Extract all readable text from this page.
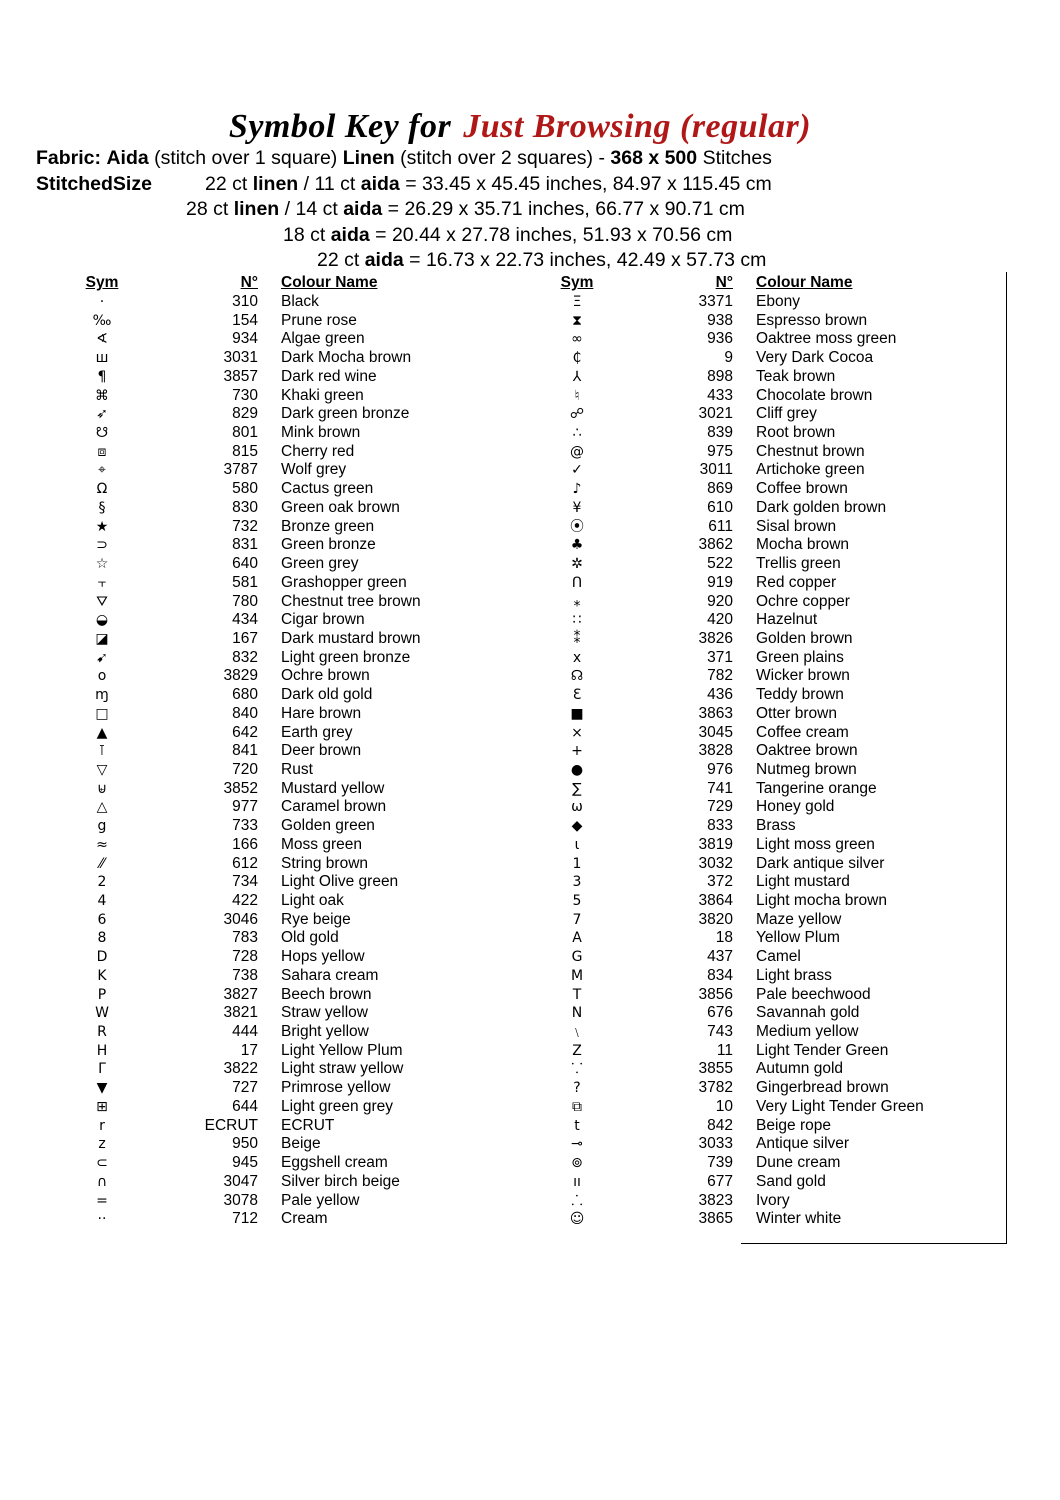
Symbol Key for Just Browsing (regular)
Fabric: Aida (stitch over 1 square) Linen (stitch over 2 squares) - 368 x 500 Stitches
StitchedSize	22 ct linen / 11 ct aida = 33.45 x 45.45 inches, 84.97 x 115.45 cm
28 ct linen / 14 ct aida = 26.29 x 35.71 inches, 66.77 x 90.71 cm
18 ct aida = 20.44 x 27.78 inches, 51.93 x 70.56 cm
22 ct aida = 16.73 x 22.73 inches, 42.49 x 57.73 cm
Sym	N° Colour Name
·	310 Black
‰	154 Prune rose
∢	934 Algae green
ш	3031 Dark Mocha brown
¶	3857 Dark red wine
⌘	730 Khaki green
➶	829 Dark green bronze
☋	801 Mink brown
⧈	815 Cherry red
⌖	3787 Wolf grey
Ω	580 Cactus green
§	830 Green oak brown
★	732 Bronze green
⊃	831 Green bronze
☆	640 Green grey
⫟	581 Grashopper green
⛛	780 Chestnut tree brown
◒	434 Cigar brown
◪	167 Dark mustard brown
➹	832 Light green bronze
o	3829 Ochre brown
ɱ	680 Dark old gold
□	840 Hare brown
▲	642 Earth grey
⊺	841 Deer brown
▽	720 Rust
⊌	3852 Mustard yellow
△	977 Caramel brown
g	733 Golden green
≈	166 Moss green
⁄⁄	612 String brown
2	734 Light Olive green
4	422 Light oak
6	3046 Rye beige
8	783 Old gold
D	728 Hops yellow
K	738 Sahara cream
P	3827 Beech brown
W	3821 Straw yellow
R	444 Bright yellow
H	17 Light Yellow Plum
Γ	3822 Light straw yellow
▼	727 Primrose yellow
⊞	644 Light green grey
r	ECRUT ECRUT
z	950 Beige
⊂	945 Eggshell cream
∩	3047 Silver birch beige
=	3078 Pale yellow
··	712 Cream
Sym	N° Colour Name
Ξ	3371 Ebony
⧗	938 Espresso brown
∞	936 Oaktree moss green
₵	9 Very Dark Cocoa
⅄	898 Teak brown
♮	433 Chocolate brown
☍	3021 Cliff grey
∴	839 Root brown
@	975 Chestnut brown
✓	3011 Artichoke green
♪	869 Coffee brown
¥	610 Dark golden brown
⦿	611 Sisal brown
♣	3862 Mocha brown
✲	522 Trellis green
ᑎ	919 Red copper
⁎	920 Ochre copper
∷	420 Hazelnut
⁑	3826 Golden brown
x	371 Green plains
☊	782 Wicker brown
Ɛ	436 Teddy brown
■	3863 Otter brown
⨯	3045 Coffee cream
+	3828 Oaktree brown
●	976 Nutmeg brown
∑	741 Tangerine orange
ω	729 Honey gold
◆	833 Brass
ɩ	3819 Light moss green
1	3032 Dark antique silver
3	372 Light mustard
5	3864 Light mocha brown
7	3820 Maze yellow
A	18 Yellow Plum
G	437 Camel
M	834 Light brass
T	3856 Pale beechwood
N	676 Savannah gold
﹨	743 Medium yellow
Z	11 Light Tender Green
⸪	3855 Autumn gold
?	3782 Gingerbread brown
⧉	10 Very Light Tender Green
t	842 Beige rope
⊸	3033 Antique silver
⊚	739 Dune cream
ıı	677 Sand gold
⸫	3823 Ivory
☺	3865 Winter white
